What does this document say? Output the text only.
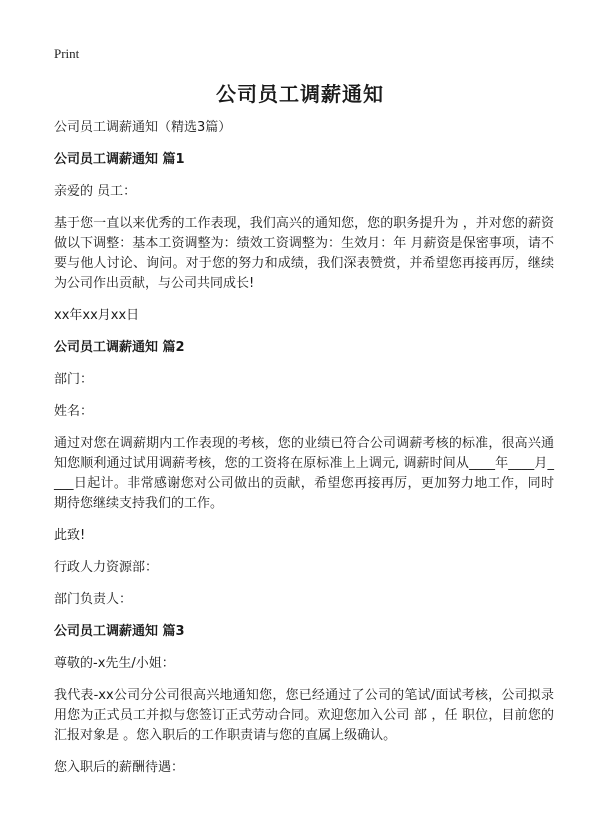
Print
公司员工调薪通知
公司员工调薪通知（精选3篇）
公司员工调薪通知 篇1
亲爱的 员工：
基于您一直以来优秀的工作表现，我们高兴的通知您，您的职务提升为 ，并对您的薪资做以下调整：基本工资调整为：绩效工资调整为：生效月：年 月薪资是保密事项，请不要与他人讨论、询问。对于您的努力和成绩，我们深表赞赏，并希望您再接再厉，继续为公司作出贡献，与公司共同成长!
xx年xx月xx日
公司员工调薪通知 篇2
部门：
姓名：
通过对您在调薪期内工作表现的考核，您的业绩已符合公司调薪考核的标准，很高兴通知您顺利通过试用调薪考核，您的工资将在原标准上上调元, 调薪时间从____年____月____日起计。非常感谢您对公司做出的贡献，希望您再接再厉，更加努力地工作，同时期待您继续支持我们的工作。
此致!
行政人力资源部：
部门负责人：
公司员工调薪通知 篇3
尊敬的-x先生/小姐：
我代表-xx公司分公司很高兴地通知您，您已经通过了公司的笔试/面试考核，公司拟录用您为正式员工并拟与您签订正式劳动合同。欢迎您加入公司 部 ，任 职位，目前您的汇报对象是 。您入职后的工作职责请与您的直属上级确认。
您入职后的薪酬待遇：
